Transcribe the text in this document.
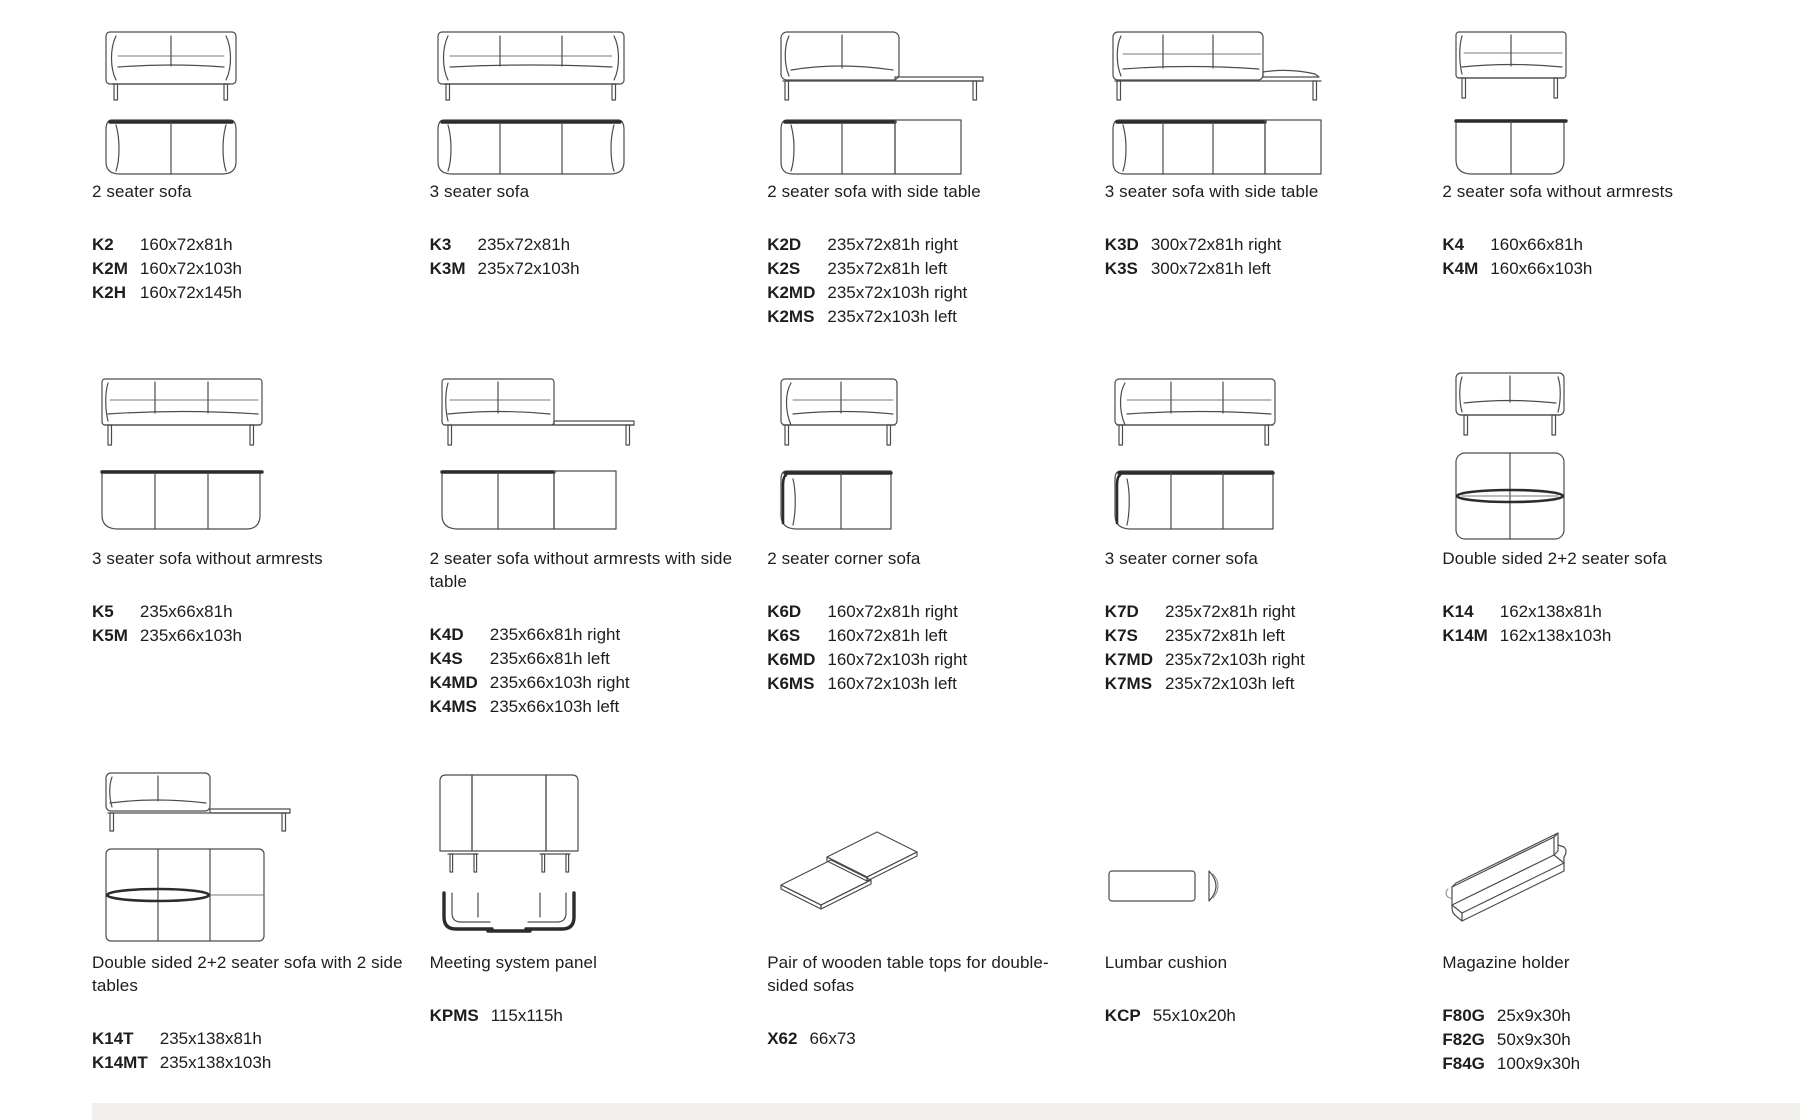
2 seater sofa
K2	160x72x81h
K2M 160x72x103h
K2H 160x72x145h
3 seater sofa
K3	235x72x81h
K3M 235x72x103h
2 seater sofa with side table
K2D	235x72x81h right
K2S	235x72x81h left
K2MD 235x72x103h right
K2MS 235x72x103h left
3 seater sofa with side table
K3D 300x72x81h right
K3S 300x72x81h left
2 seater sofa without armrests
K4	160x66x81h
K4M 160x66x103h
3 seater sofa without armrests
K5	235x66x81h
K5M 235x66x103h
2 seater sofa without armrests with side table
K4D	235x66x81h right
K4S	235x66x81h left
K4MD 235x66x103h right
K4MS 235x66x103h left
2 seater corner sofa
K6D	160x72x81h right
K6S	160x72x81h left
K6MD 160x72x103h right
K6MS 160x72x103h left
3 seater corner sofa
K7D	235x72x81h right
K7S	235x72x81h left
K7MD 235x72x103h right
K7MS 235x72x103h left
Double sided 2+2 seater sofa
K14	162x138x81h
K14M 162x138x103h
Double sided 2+2 seater sofa with 2 side tables
K14T	235x138x81h
K14MT 235x138x103h
Meeting system panel
KPMS 115x115h
Pair of wooden table tops for double-sided sofas
X62 66x73
Lumbar cushion
KCP 55x10x20h
Magazine holder
F80G 25x9x30h
F82G 50x9x30h
F84G 100x9x30h
